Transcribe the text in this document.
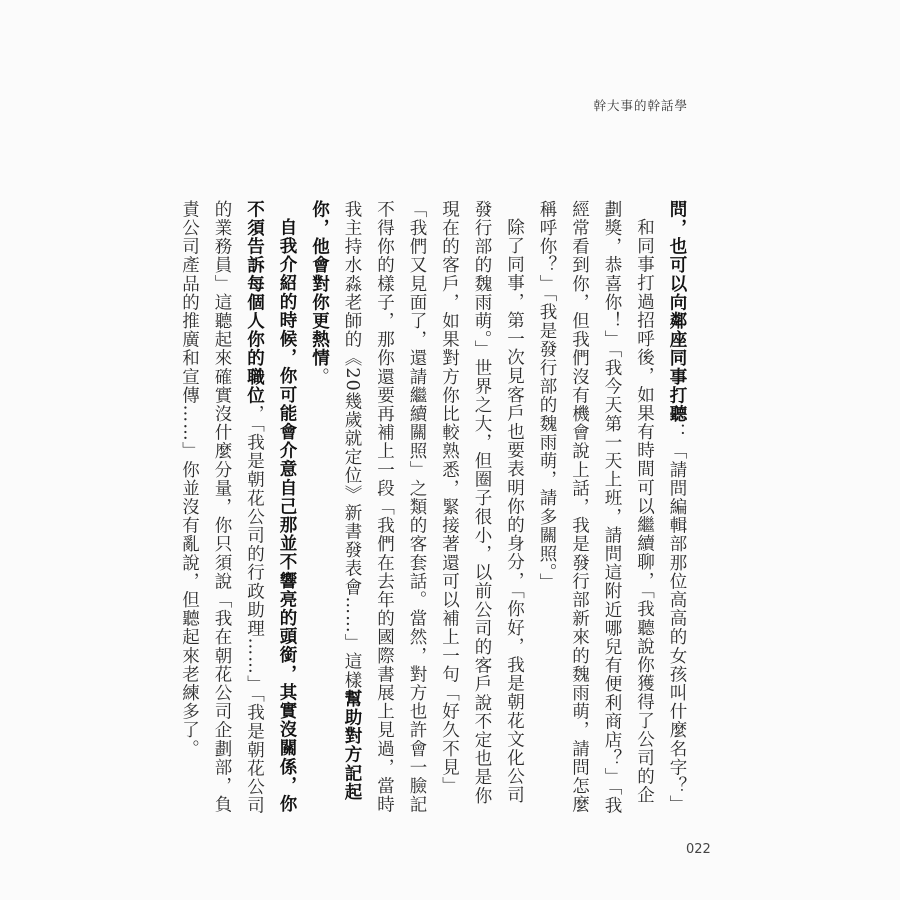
幹大事的幹話學

問，也可以向鄰座同事打聽：「請問編輯部那位高高的女孩叫什麼名字？」

和同事打過招呼後，如果有時間可以繼續聊，「我聽說你獲得了公司的企劃獎，恭喜你！」「我今天第一天上班，請問這附近哪兒有便利商店？」「我經常看到你，但我們沒有機會說上話，我是發行部新來的魏雨萌，請問怎麼稱呼你？」「我是發行部的魏雨萌，請多關照。」

除了同事，第一次見客戶也要表明你的身分，「你好，我是朝花文化公司發行部的魏雨萌。」世界之大，但圈子很小，以前公司的客戶說不定也是你現在的客戶，如果對方你比較熟悉，緊接著還可以補上一句「好久不見」「我們又見面了，還請繼續關照」之類的客套話。當然，對方也許會一臉記不得你的樣子，那你還要再補上一段「我們在去年的國際書展上見過，當時我主持水淼老師的《20幾歲就定位》新書發表會……」這樣幫助對方記起你，他會對你更熱情。

自我介紹的時候，你可能會介意自己那並不響亮的頭銜，其實沒關係，你不須告訴每個人你的職位，「我是朝花公司的行政助理……」「我是朝花公司的業務員」這聽起來確實沒什麼分量，你只須說「我在朝花公司企劃部，負責公司產品的推廣和宣傳……」你並沒有亂說，但聽起來老練多了。

022
